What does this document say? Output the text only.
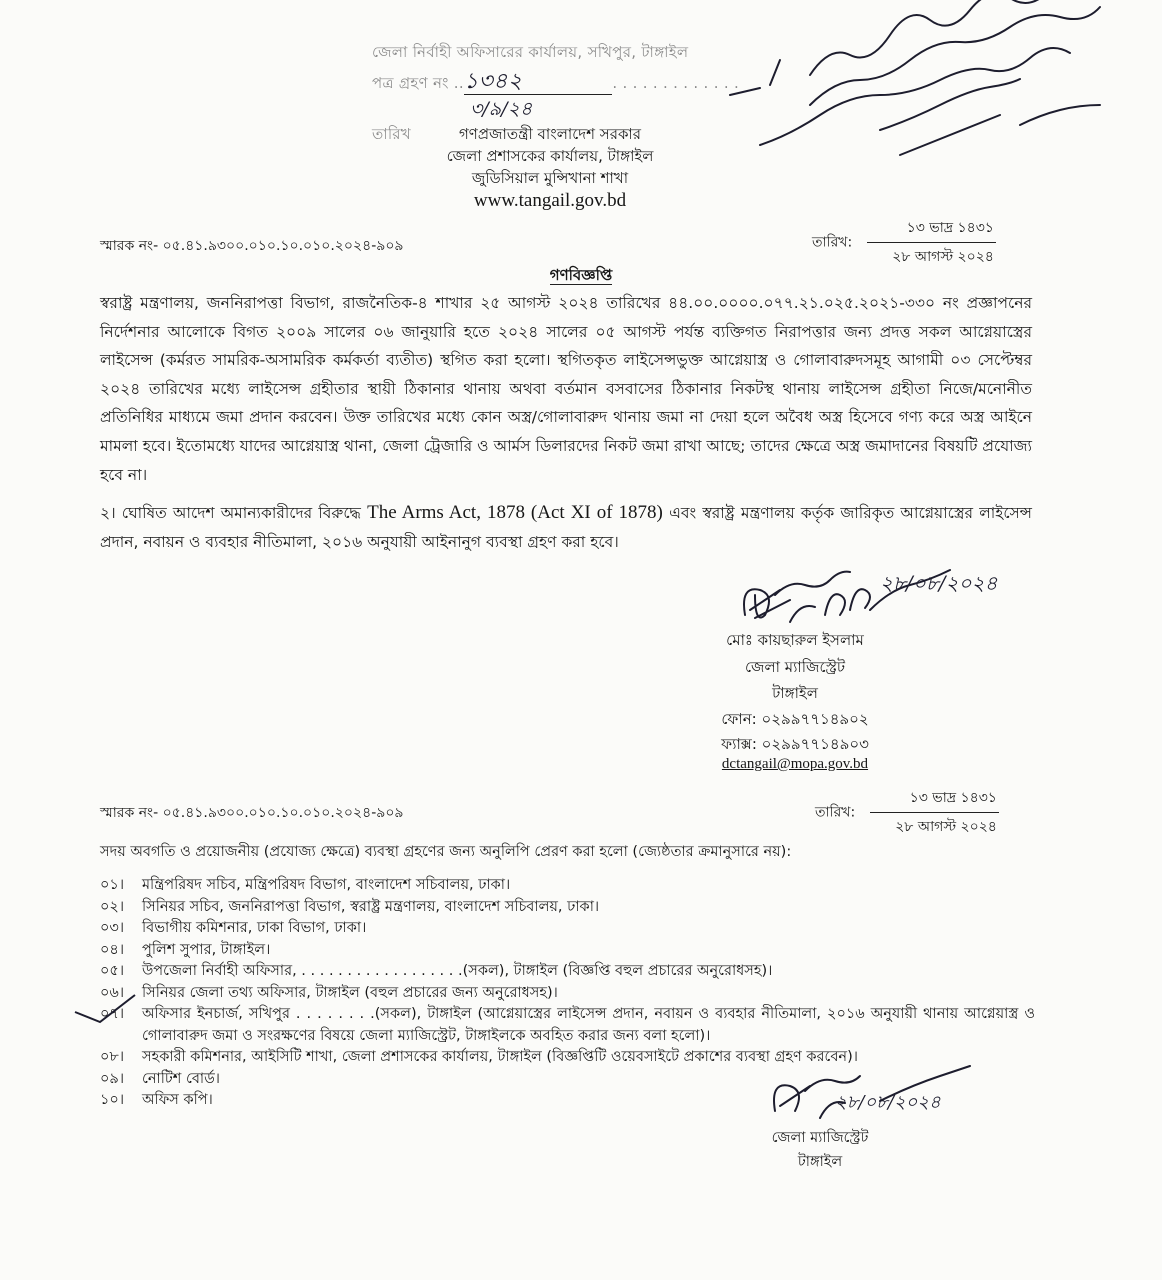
জেলা নির্বাহী অফিসারের কার্যালয়, সখিপুর, টাঙ্গাইল
পত্র গ্রহণ নং ..১৩৪২	. . . . . . . . . . . . .
৩/৯/২৪
তারিখ	গণপ্রজাতন্ত্রী বাংলাদেশ সরকার
জেলা প্রশাসকের কার্যালয়, টাঙ্গাইল
জুডিসিয়াল মুন্সিখানা শাখা
www.tangail.gov.bd
স্মারক নং- ০৫.৪১.৯৩০০.০১০.১০.০১০.২০২৪-৯০৯	তারিখ: $\frac{\text{১৩ ভাদ্র ১৪৩১}}{\text{২৮ আগস্ট ২০২৪}}$
গণবিজ্ঞপ্তি
স্বরাষ্ট্র মন্ত্রণালয়, জননিরাপত্তা বিভাগ, রাজনৈতিক-৪ শাখার ২৫ আগস্ট ২০২৪ তারিখের ৪৪.০০.০০০০.০৭৭.২১.০২৫.২০২১-৩৩০ নং প্রজ্ঞাপনের নির্দেশনার আলোকে বিগত ২০০৯ সালের ০৬ জানুয়ারি হতে ২০২৪ সালের ০৫ আগস্ট পর্যন্ত ব্যক্তিগত নিরাপত্তার জন্য প্রদত্ত সকল আগ্নেয়াস্ত্রের লাইসেন্স (কর্মরত সামরিক-অসামরিক কর্মকর্তা ব্যতীত) স্থগিত করা হলো। স্থগিতকৃত লাইসেন্সভুক্ত আগ্নেয়াস্ত্র ও গোলাবারুদসমূহ আগামী ০৩ সেপ্টেম্বর ২০২৪ তারিখের মধ্যে লাইসেন্স গ্রহীতার স্থায়ী ঠিকানার থানায় অথবা বর্তমান বসবাসের ঠিকানার নিকটস্থ থানায় লাইসেন্স গ্রহীতা নিজে/মনোনীত প্রতিনিধির মাধ্যমে জমা প্রদান করবেন। উক্ত তারিখের মধ্যে কোন অস্ত্র/গোলাবারুদ থানায় জমা না দেয়া হলে অবৈধ অস্ত্র হিসেবে গণ্য করে অস্ত্র আইনে মামলা হবে। ইতোমধ্যে যাদের আগ্নেয়াস্ত্র থানা, জেলা ট্রেজারি ও আর্মস ডিলারদের নিকট জমা রাখা আছে; তাদের ক্ষেত্রে অস্ত্র জমাদানের বিষয়টি প্রযোজ্য হবে না।
২। ঘোষিত আদেশ অমান্যকারীদের বিরুদ্ধে The Arms Act, 1878 (Act XI of 1878) এবং স্বরাষ্ট্র মন্ত্রণালয় কর্তৃক জারিকৃত আগ্নেয়াস্ত্রের লাইসেন্স প্রদান, নবায়ন ও ব্যবহার নীতিমালা, ২০১৬ অনুযায়ী আইনানুগ ব্যবস্থা গ্রহণ করা হবে।
২৮/০৮/২০২৪
মোঃ কায়ছারুল ইসলাম
জেলা ম্যাজিস্ট্রেট
টাঙ্গাইল
ফোন: ০২৯৯৭৭১৪৯০২
ফ্যাক্স: ০২৯৯৭৭১৪৯০৩
dctangail@mopa.gov.bd
স্মারক নং- ০৫.৪১.৯৩০০.০১০.১০.০১০.২০২৪-৯০৯	তারিখ: $\frac{\text{১৩ ভাদ্র ১৪৩১}}{\text{২৮ আগস্ট ২০২৪}}$
সদয় অবগতি ও প্রয়োজনীয় (প্রযোজ্য ক্ষেত্রে) ব্যবস্থা গ্রহণের জন্য অনুলিপি প্রেরণ করা হলো (জ্যেষ্ঠতার ক্রমানুসারে নয়):
০১।	মন্ত্রিপরিষদ সচিব, মন্ত্রিপরিষদ বিভাগ, বাংলাদেশ সচিবালয়, ঢাকা।
০২।	সিনিয়র সচিব, জননিরাপত্তা বিভাগ, স্বরাষ্ট্র মন্ত্রণালয়, বাংলাদেশ সচিবালয়, ঢাকা।
০৩।	বিভাগীয় কমিশনার, ঢাকা বিভাগ, ঢাকা।
০৪।	পুলিশ সুপার, টাঙ্গাইল।
০৫।	উপজেলা নির্বাহী অফিসার, . . . . . . . . . . . . . . . . . .(সকল), টাঙ্গাইল (বিজ্ঞপ্তি বহুল প্রচারের অনুরোধসহ)।
০৬।	সিনিয়র জেলা তথ্য অফিসার, টাঙ্গাইল (বহুল প্রচারের জন্য অনুরোধসহ)।
০৭।	অফিসার ইনচার্জ, সখিপুর . . . . . . . .(সকল), টাঙ্গাইল (আগ্নেয়াস্ত্রের লাইসেন্স প্রদান, নবায়ন ও ব্যবহার নীতিমালা, ২০১৬ অনুযায়ী থানায় আগ্নেয়াস্ত্র ও গোলাবারুদ জমা ও সংরক্ষণের বিষয়ে জেলা ম্যাজিস্ট্রেট, টাঙ্গাইলকে অবহিত করার জন্য বলা হলো)।
০৮।	সহকারী কমিশনার, আইসিটি শাখা, জেলা প্রশাসকের কার্যালয়, টাঙ্গাইল (বিজ্ঞপ্তিটি ওয়েবসাইটে প্রকাশের ব্যবস্থা গ্রহণ করবেন)।
০৯।	নোটিশ বোর্ড।
১০।	অফিস কপি।	২৮/০৮/২০২৪
জেলা ম্যাজিস্ট্রেট
টাঙ্গাইল
